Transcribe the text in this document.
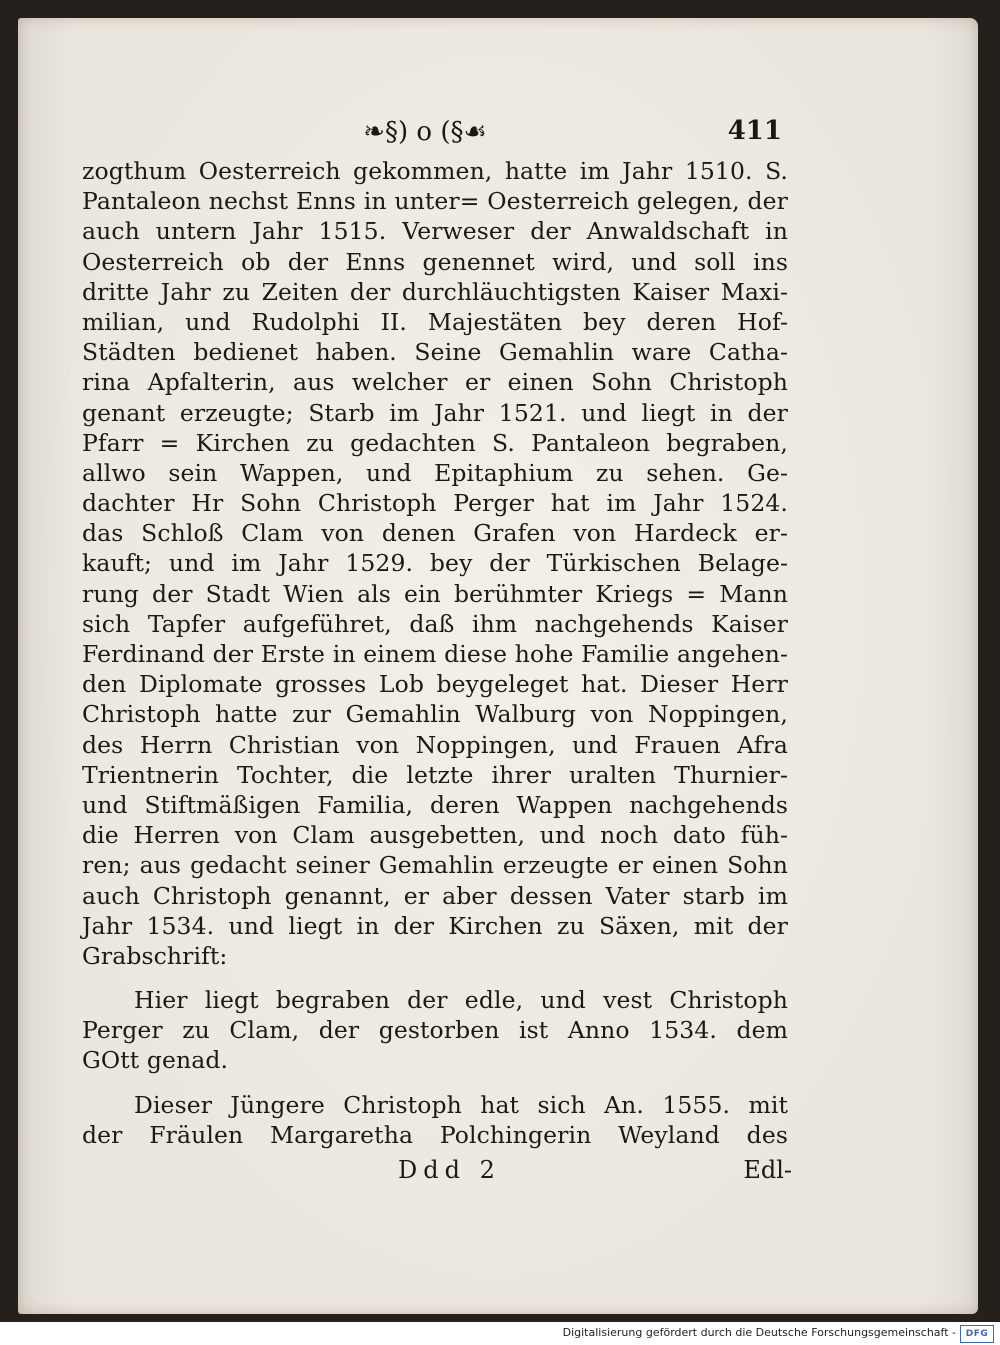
❧§) o (§☙	411
zogthum Oesterreich gekommen, hatte im Jahr 1510. S.
Pantaleon nechst Enns in unter= Oesterreich gelegen, der
auch untern Jahr 1515. Verweser der Anwaldschaft in
Oesterreich ob der Enns genennet wird, und soll ins
dritte Jahr zu Zeiten der durchläuchtigsten Kaiser Maxi-
milian, und Rudolphi II. Majestäten bey deren Hof-
Städten bedienet haben. Seine Gemahlin ware Catha-
rina Apfalterin, aus welcher er einen Sohn Christoph
genant erzeugte; Starb im Jahr 1521. und liegt in der
Pfarr = Kirchen zu gedachten S. Pantaleon begraben,
allwo sein Wappen, und Epitaphium zu sehen. Ge-
dachter Hr Sohn Christoph Perger hat im Jahr 1524.
das Schloß Clam von denen Grafen von Hardeck er-
kauft; und im Jahr 1529. bey der Türkischen Belage-
rung der Stadt Wien als ein berühmter Kriegs = Mann
sich Tapfer aufgeführet, daß ihm nachgehends Kaiser
Ferdinand der Erste in einem diese hohe Familie angehen-
den Diplomate grosses Lob beygeleget hat. Dieser Herr
Christoph hatte zur Gemahlin Walburg von Noppingen,
des Herrn Christian von Noppingen, und Frauen Afra
Trientnerin Tochter, die letzte ihrer uralten Thurnier-
und Stiftmäßigen Familia, deren Wappen nachgehends
die Herren von Clam ausgebetten, und noch dato füh-
ren; aus gedacht seiner Gemahlin erzeugte er einen Sohn
auch Christoph genannt, er aber dessen Vater starb im
Jahr 1534. und liegt in der Kirchen zu Säxen, mit der
Grabschrift:
Hier liegt begraben der edle, und vest Christoph
Perger zu Clam, der gestorben ist Anno 1534. dem
GOtt genad.
Dieser Jüngere Christoph hat sich An. 1555. mit
der Fräulen Margaretha Polchingerin Weyland des
Ddd 2	Edl-
Digitalisierung gefördert durch die Deutsche Forschungsgemeinschaft - DFG
